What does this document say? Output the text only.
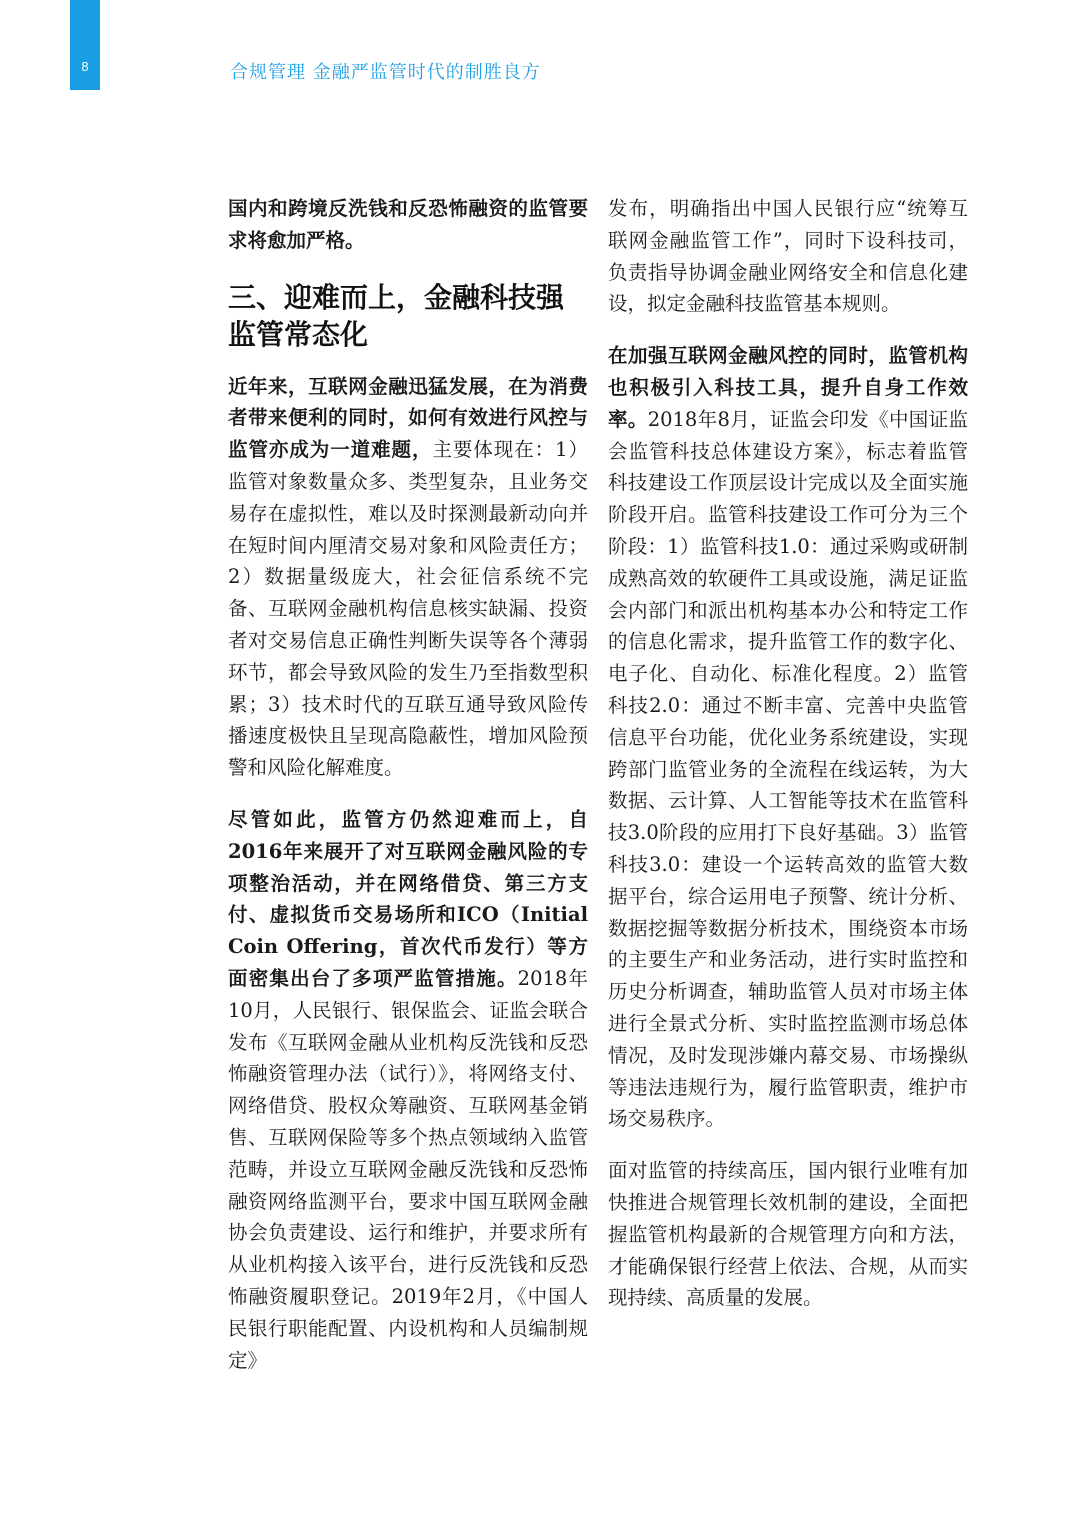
8	合规管理 金融严监管时代的制胜良方

国内和跨境反洗钱和反恐怖融资的监管要求将愈加严格。

三、迎难而上，金融科技强监管常态化

近年来，互联网金融迅猛发展，在为消费者带来便利的同时，如何有效进行风控与监管亦成为一道难题，主要体现在：1）监管对象数量众多、类型复杂，且业务交易存在虚拟性，难以及时探测最新动向并在短时间内厘清交易对象和风险责任方；2）数据量级庞大，社会征信系统不完备、互联网金融机构信息核实缺漏、投资者对交易信息正确性判断失误等各个薄弱环节，都会导致风险的发生乃至指数型积累；3）技术时代的互联互通导致风险传播速度极快且呈现高隐蔽性，增加风险预警和风险化解难度。

尽管如此，监管方仍然迎难而上，自2016年来展开了对互联网金融风险的专项整治活动，并在网络借贷、第三方支付、虚拟货币交易场所和ICO（Initial Coin Offering，首次代币发行）等方面密集出台了多项严监管措施。2018年10月，人民银行、银保监会、证监会联合发布《互联网金融从业机构反洗钱和反恐怖融资管理办法（试行）》，将网络支付、网络借贷、股权众筹融资、互联网基金销售、互联网保险等多个热点领域纳入监管范畴，并设立互联网金融反洗钱和反恐怖融资网络监测平台，要求中国互联网金融协会负责建设、运行和维护，并要求所有从业机构接入该平台，进行反洗钱和反恐怖融资履职登记。2019年2月，《中国人民银行职能配置、内设机构和人员编制规定》

发布，明确指出中国人民银行应“统筹互联网金融监管工作”，同时下设科技司，负责指导协调金融业网络安全和信息化建设，拟定金融科技监管基本规则。

在加强互联网金融风控的同时，监管机构也积极引入科技工具，提升自身工作效率。2018年8月，证监会印发《中国证监会监管科技总体建设方案》，标志着监管科技建设工作顶层设计完成以及全面实施阶段开启。监管科技建设工作可分为三个阶段：1）监管科技1.0：通过采购或研制成熟高效的软硬件工具或设施，满足证监会内部门和派出机构基本办公和特定工作的信息化需求，提升监管工作的数字化、电子化、自动化、标准化程度。2）监管科技2.0：通过不断丰富、完善中央监管信息平台功能，优化业务系统建设，实现跨部门监管业务的全流程在线运转，为大数据、云计算、人工智能等技术在监管科技3.0阶段的应用打下良好基础。3）监管科技3.0：建设一个运转高效的监管大数据平台，综合运用电子预警、统计分析、数据挖掘等数据分析技术，围绕资本市场的主要生产和业务活动，进行实时监控和历史分析调查，辅助监管人员对市场主体进行全景式分析、实时监控监测市场总体情况，及时发现涉嫌内幕交易、市场操纵等违法违规行为，履行监管职责，维护市场交易秩序。

面对监管的持续高压，国内银行业唯有加快推进合规管理长效机制的建设，全面把握监管机构最新的合规管理方向和方法，才能确保银行经营上依法、合规，从而实现持续、高质量的发展。
